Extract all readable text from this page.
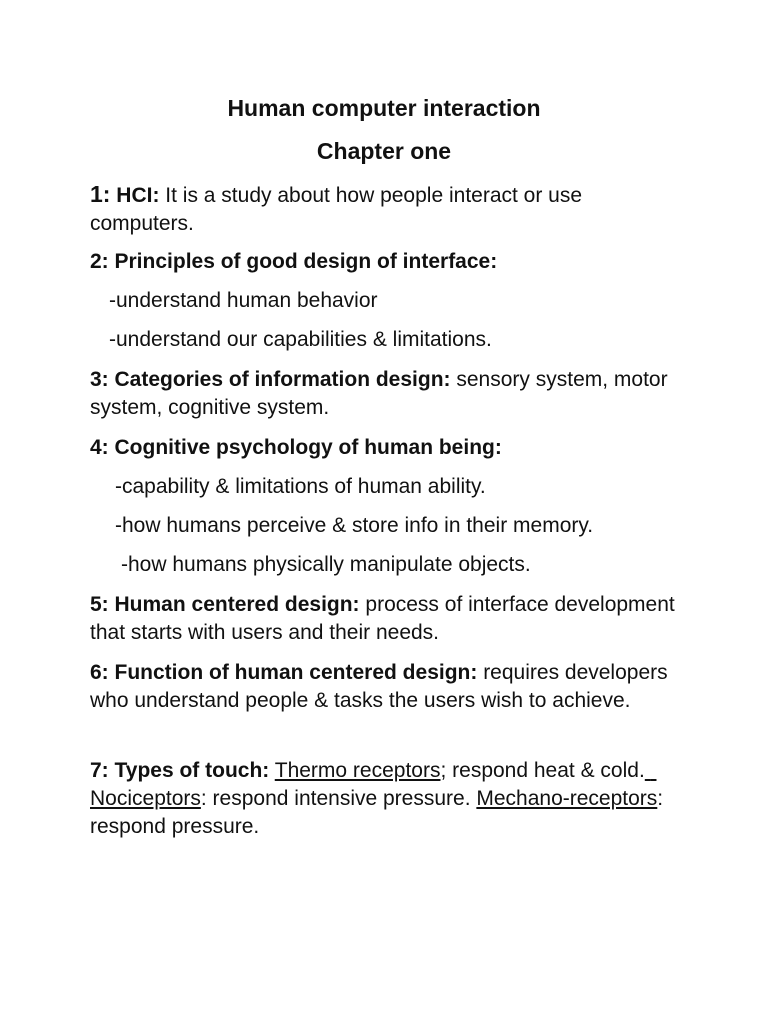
Human computer interaction
Chapter one

1: HCI: It is a study about how people interact or use computers.

2: Principles of good design of interface:

-understand human behavior

-understand our capabilities & limitations.

3: Categories of information design: sensory system, motor system, cognitive system.

4: Cognitive psychology of human being:

-capability & limitations of human ability.

-how humans perceive & store info in their memory.

-how humans physically manipulate objects.

5: Human centered design: process of interface development that starts with users and their needs.

6: Function of human centered design: requires developers who understand people & tasks the users wish to achieve.

7: Types of touch: Thermo receptors; respond heat & cold.  Nociceptors: respond intensive pressure. Mechano-receptors: respond pressure.
